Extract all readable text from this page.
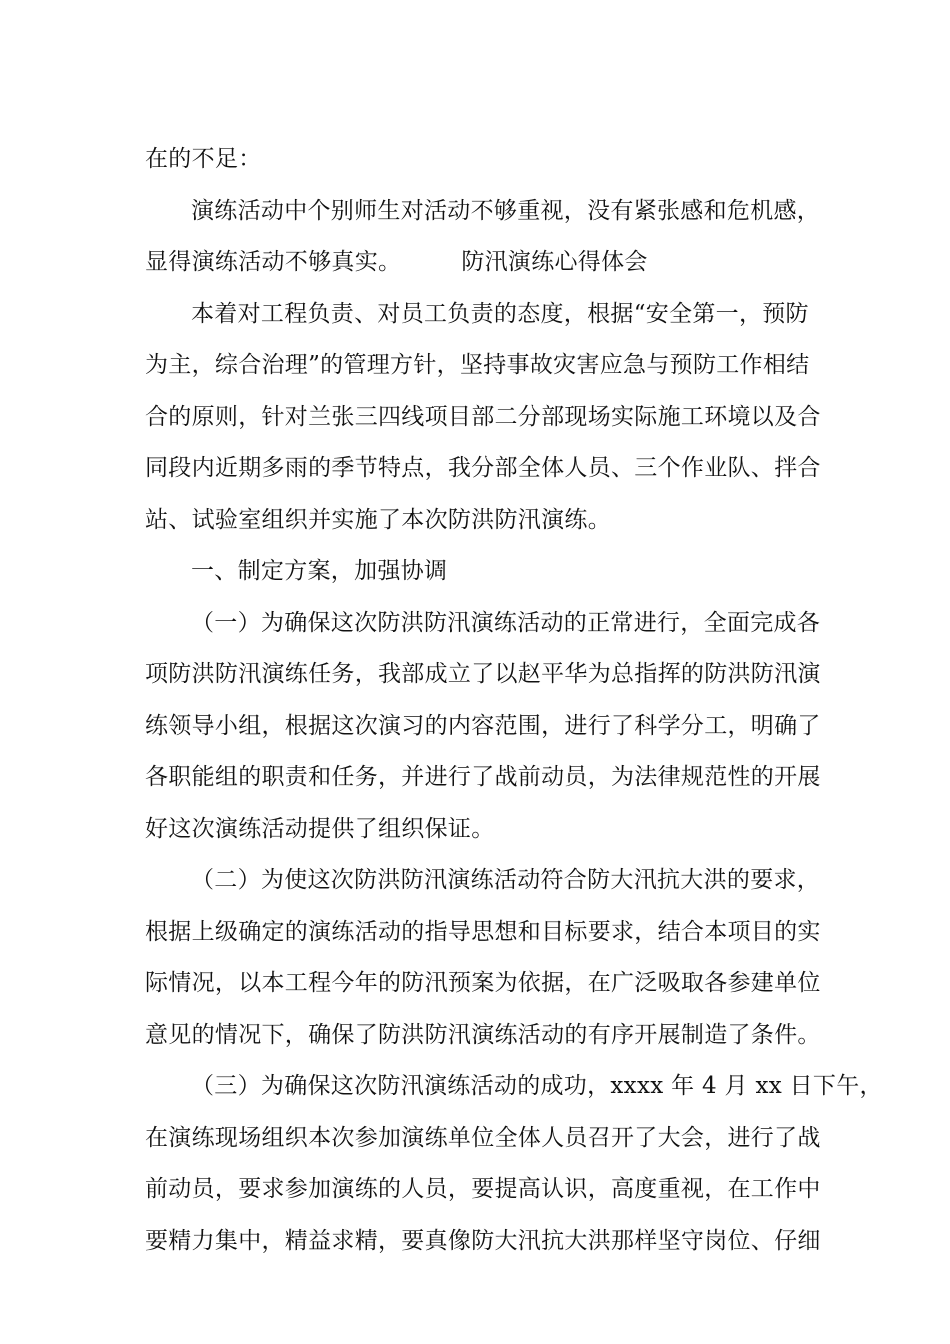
在的不足：
演练活动中个别师生对活动不够重视，没有紧张感和危机感，
显得演练活动不够真实。	防汛演练心得体会
本着对工程负责、对员工负责的态度，根据“安全第一，预防
为主，综合治理”的管理方针，坚持事故灾害应急与预防工作相结
合的原则，针对兰张三四线项目部二分部现场实际施工环境以及合
同段内近期多雨的季节特点，我分部全体人员、三个作业队、拌合
站、试验室组织并实施了本次防洪防汛演练。
一、制定方案，加强协调
（一）为确保这次防洪防汛演练活动的正常进行，全面完成各
项防洪防汛演练任务，我部成立了以赵平华为总指挥的防洪防汛演
练领导小组，根据这次演习的内容范围，进行了科学分工，明确了
各职能组的职责和任务，并进行了战前动员，为法律规范性的开展
好这次演练活动提供了组织保证。
（二）为使这次防洪防汛演练活动符合防大汛抗大洪的要求，
根据上级确定的演练活动的指导思想和目标要求，结合本项目的实
际情况，以本工程今年的防汛预案为依据，在广泛吸取各参建单位
意见的情况下，确保了防洪防汛演练活动的有序开展制造了条件。
（三）为确保这次防汛演练活动的成功，xxxx 年 4 月 xx 日下午，
在演练现场组织本次参加演练单位全体人员召开了大会，进行了战
前动员，要求参加演练的人员，要提高认识，高度重视，在工作中
要精力集中，精益求精，要真像防大汛抗大洪那样坚守岗位、仔细
